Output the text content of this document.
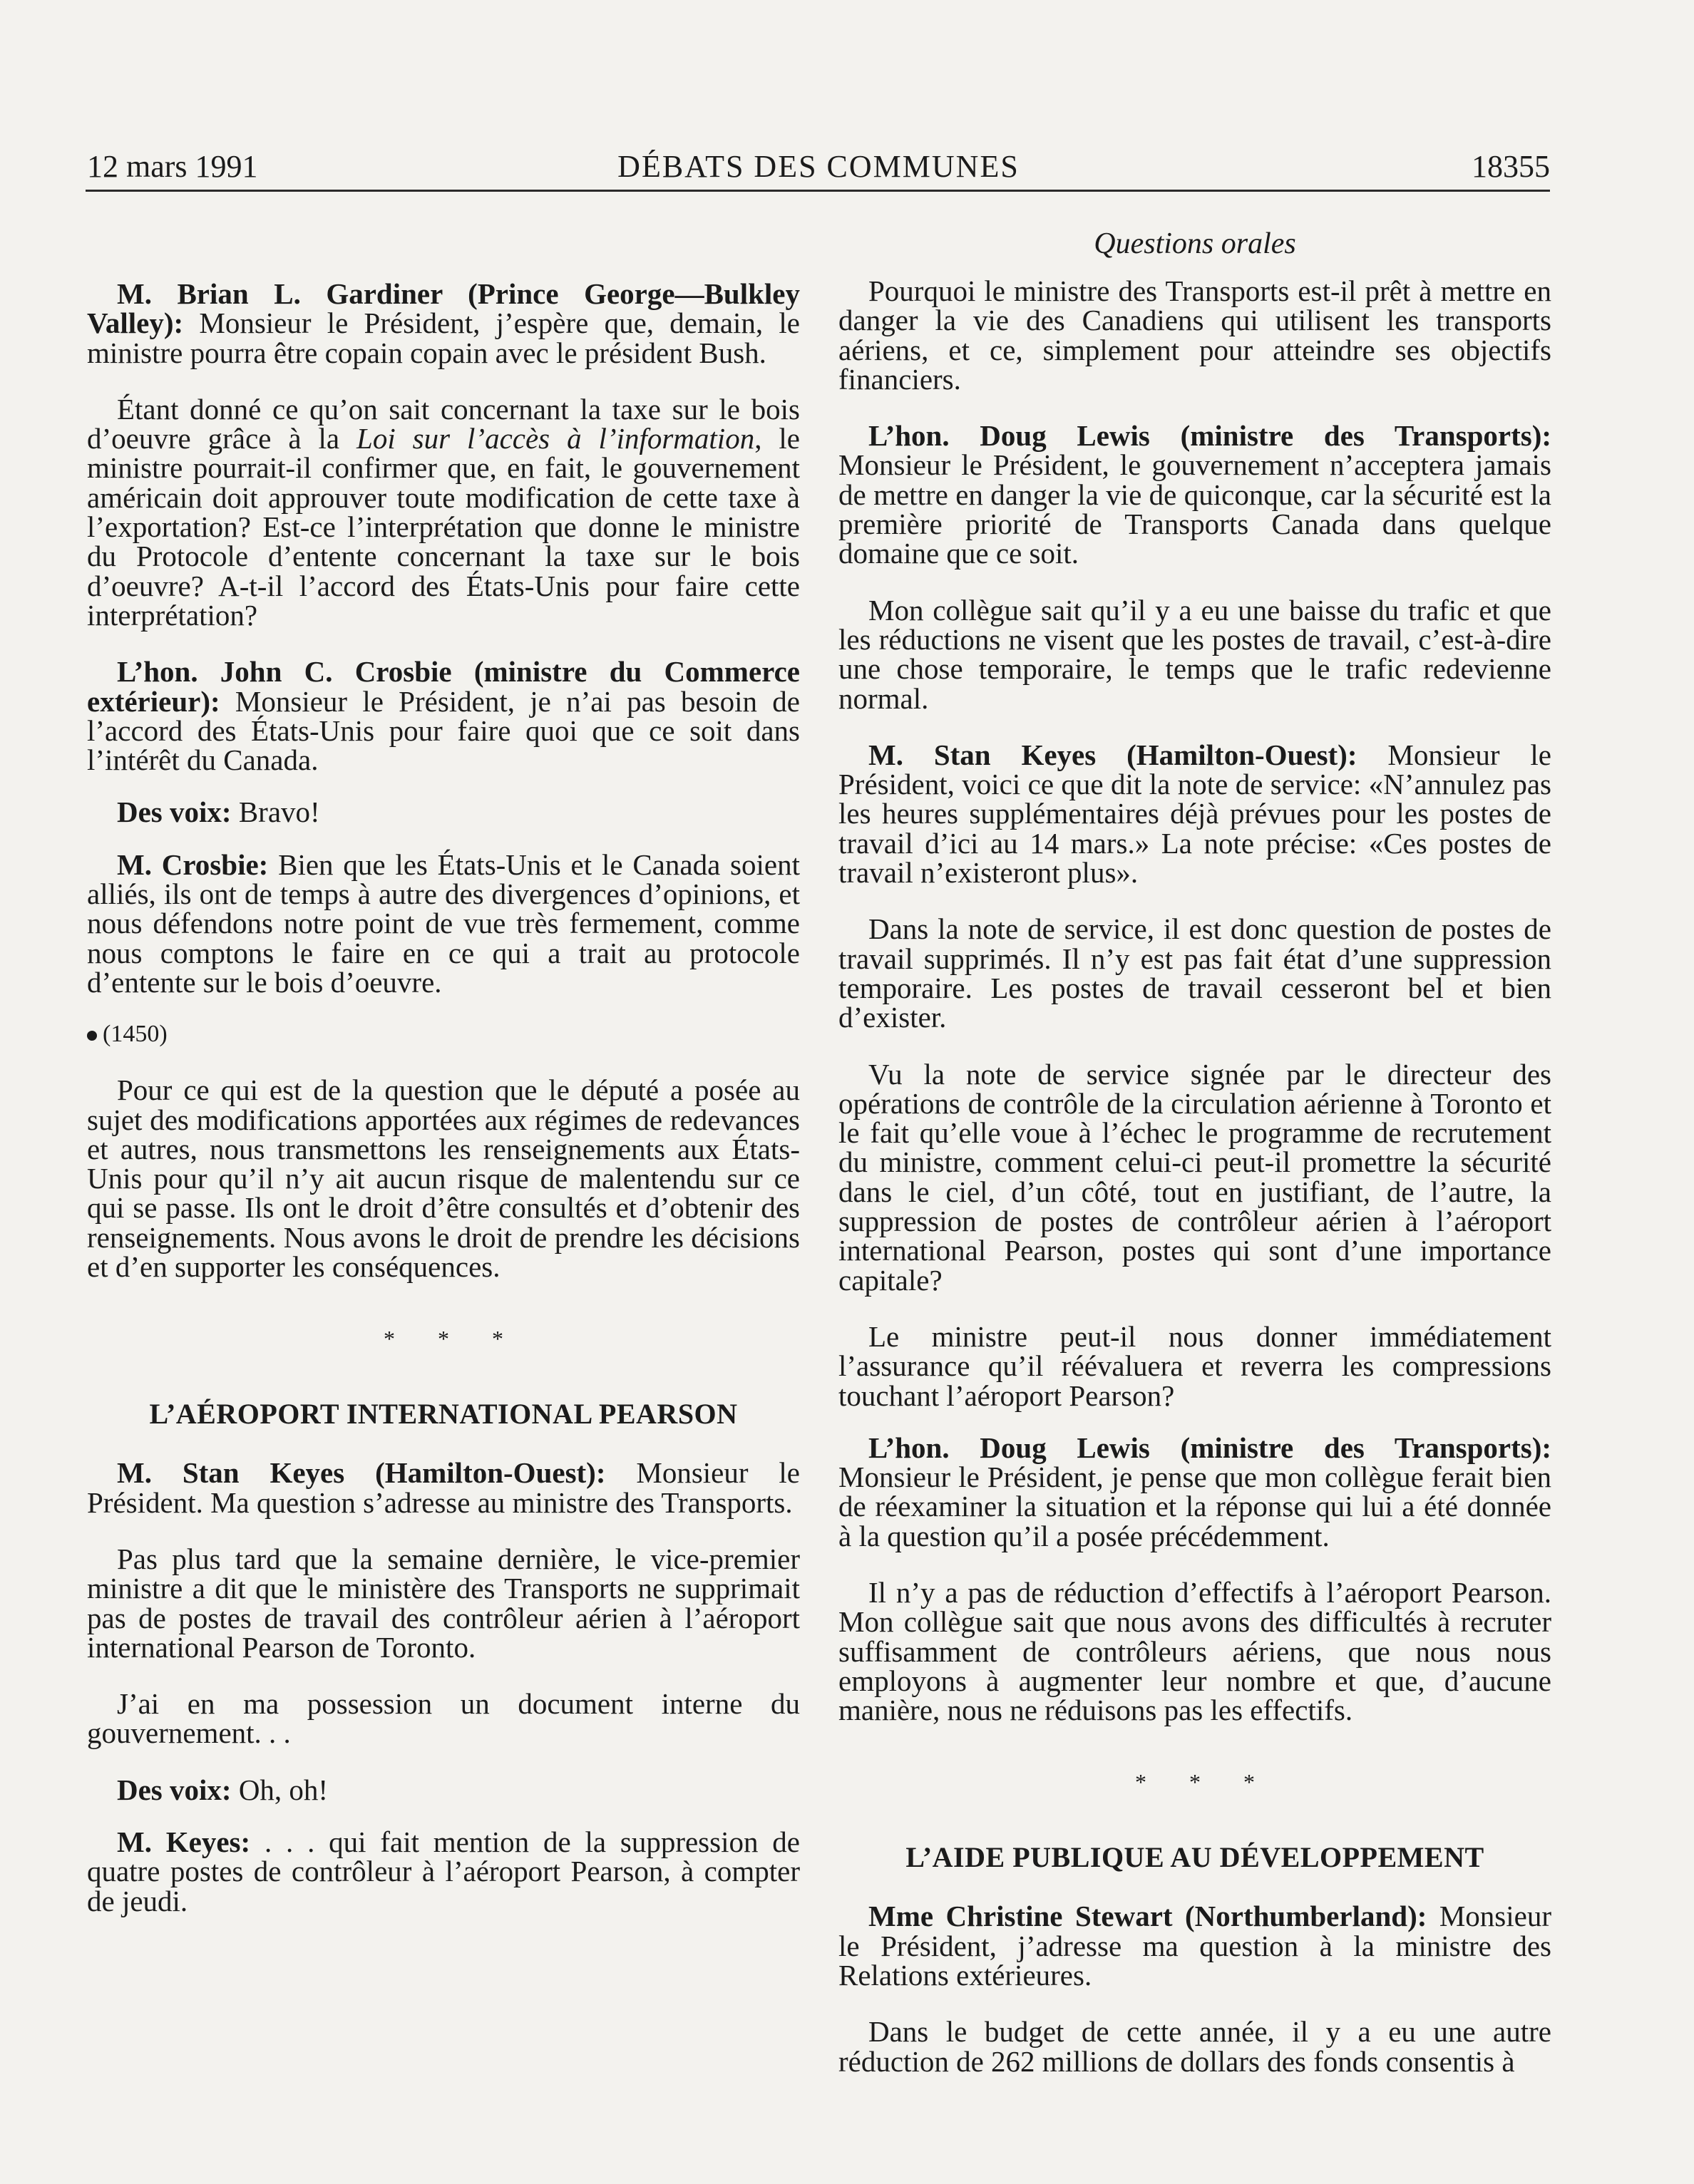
12 mars 1991	DÉBATS DES COMMUNES	18355
Questions orales

M. Brian L. Gardiner (Prince George—Bulkley Valley): Monsieur le Président, j’espère que, demain, le ministre pourra être copain copain avec le président Bush.

Étant donné ce qu’on sait concernant la taxe sur le bois d’oeuvre grâce à la Loi sur l’accès à l’information, le ministre pourrait-il confirmer que, en fait, le gouvernement américain doit approuver toute modification de cette taxe à l’exportation? Est-ce l’interprétation que donne le ministre du Protocole d’entente concernant la taxe sur le bois d’oeuvre? A-t-il l’accord des États-Unis pour faire cette interprétation?

L’hon. John C. Crosbie (ministre du Commerce extérieur): Monsieur le Président, je n’ai pas besoin de l’accord des États-Unis pour faire quoi que ce soit dans l’intérêt du Canada.

Des voix: Bravo!

M. Crosbie: Bien que les États-Unis et le Canada soient alliés, ils ont de temps à autre des divergences d’opinions, et nous défendons notre point de vue très fermement, comme nous comptons le faire en ce qui a trait au protocole d’entente sur le bois d’oeuvre.

(1450)

Pour ce qui est de la question que le député a posée au sujet des modifications apportées aux régimes de redevances et autres, nous transmettons les renseignements aux États-Unis pour qu’il n’y ait aucun risque de malentendu sur ce qui se passe. Ils ont le droit d’être consultés et d’obtenir des renseignements. Nous avons le droit de prendre les décisions et d’en supporter les conséquences.

* * *
L’AÉROPORT INTERNATIONAL PEARSON

M. Stan Keyes (Hamilton-Ouest): Monsieur le Président. Ma question s’adresse au ministre des Transports.

Pas plus tard que la semaine dernière, le vice-premier ministre a dit que le ministère des Transports ne supprimait pas de postes de travail des contrôleur aérien à l’aéroport international Pearson de Toronto.

J’ai en ma possession un document interne du gouvernement. . .

Des voix: Oh, oh!

M. Keyes: . . . qui fait mention de la suppression de quatre postes de contrôleur à l’aéroport Pearson, à compter de jeudi.

Pourquoi le ministre des Transports est-il prêt à mettre en danger la vie des Canadiens qui utilisent les transports aériens, et ce, simplement pour atteindre ses objectifs financiers.

L’hon. Doug Lewis (ministre des Transports): Monsieur le Président, le gouvernement n’acceptera jamais de mettre en danger la vie de quiconque, car la sécurité est la première priorité de Transports Canada dans quelque domaine que ce soit.

Mon collègue sait qu’il y a eu une baisse du trafic et que les réductions ne visent que les postes de travail, c’est-à-dire une chose temporaire, le temps que le trafic redevienne normal.

M. Stan Keyes (Hamilton-Ouest): Monsieur le Président, voici ce que dit la note de service: «N’annulez pas les heures supplémentaires déjà prévues pour les postes de travail d’ici au 14 mars.» La note précise: «Ces postes de travail n’existeront plus».

Dans la note de service, il est donc question de postes de travail supprimés. Il n’y est pas fait état d’une suppression temporaire. Les postes de travail cesseront bel et bien d’exister.

Vu la note de service signée par le directeur des opérations de contrôle de la circulation aérienne à Toronto et le fait qu’elle voue à l’échec le programme de recrutement du ministre, comment celui-ci peut-il promettre la sécurité dans le ciel, d’un côté, tout en justifiant, de l’autre, la suppression de postes de contrôleur aérien à l’aéroport international Pearson, postes qui sont d’une importance capitale?

Le ministre peut-il nous donner immédiatement l’assurance qu’il réévaluera et reverra les compressions touchant l’aéroport Pearson?

L’hon. Doug Lewis (ministre des Transports): Monsieur le Président, je pense que mon collègue ferait bien de réexaminer la situation et la réponse qui lui a été donnée à la question qu’il a posée précédemment.

Il n’y a pas de réduction d’effectifs à l’aéroport Pearson. Mon collègue sait que nous avons des difficultés à recruter suffisamment de contrôleurs aériens, que nous nous employons à augmenter leur nombre et que, d’aucune manière, nous ne réduisons pas les effectifs.

* * *
L’AIDE PUBLIQUE AU DÉVELOPPEMENT

Mme Christine Stewart (Northumberland): Monsieur le Président, j’adresse ma question à la ministre des Relations extérieures.

Dans le budget de cette année, il y a eu une autre réduction de 262 millions de dollars des fonds consentis à
